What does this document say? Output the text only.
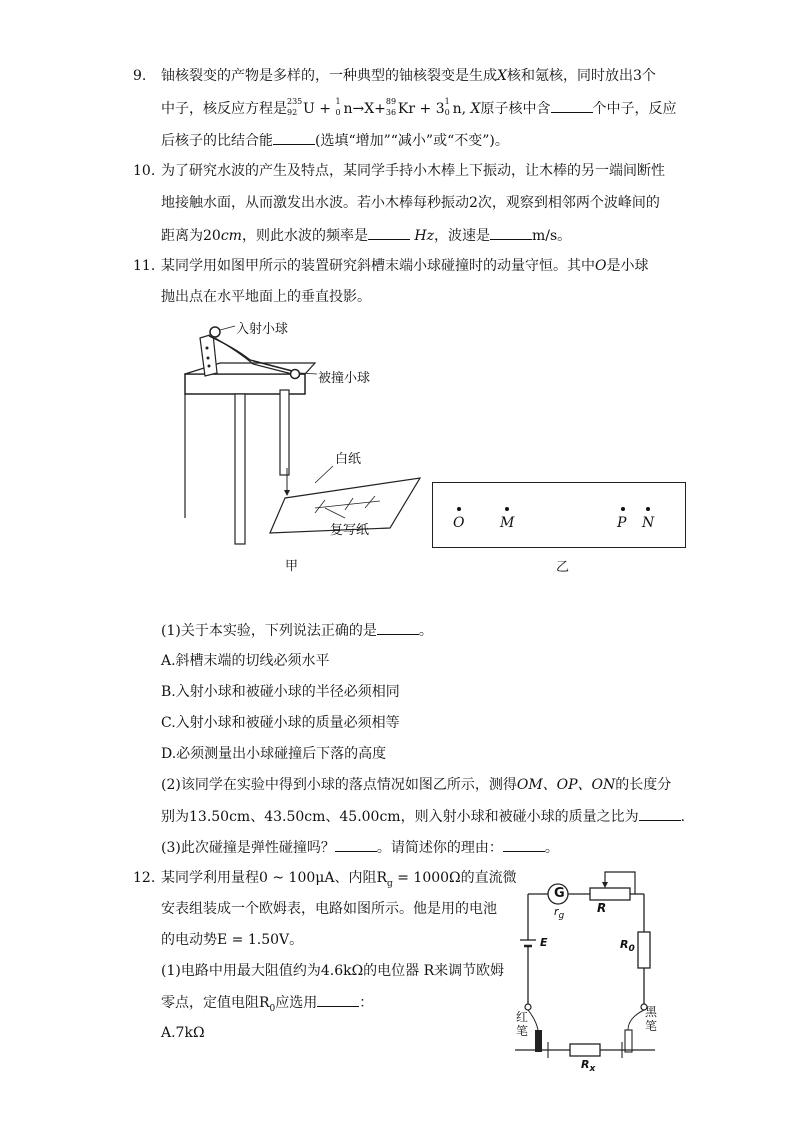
9. 铀核裂变的产物是多样的，一种典型的铀核裂变是生成X核和氪核，同时放出3个
中子，核反应方程是 235
92 U + 1
0 n→X+ 89
36 Kr + 3 1
0 n, X原子核中含	个中子，反应
后核子的比结合能	(选填“增加”“减小”或“不变”)。
10. 为了研究水波的产生及特点，某同学手持小木棒上下振动，让木棒的另一端间断性
地接触水面，从而激发出水波。若小木棒每秒振动2次，观察到相邻两个波峰间的
距离为20cm，则此水波的频率是	Hz，波速是	m/s。
11. 某同学用如图甲所示的装置研究斜槽末端小球碰撞时的动量守恒。其中O是小球
抛出点在水平地面上的垂直投影。
入射小球
被撞小球
白纸
复写纸
甲
O	M	P N
乙
(1)关于本实验，下列说法正确的是	。
A.斜槽末端的切线必须水平
B.入射小球和被碰小球的半径必须相同
C.入射小球和被碰小球的质量必须相等
D.必须测量出小球碰撞后下落的高度
(2)该同学在实验中得到小球的落点情况如图乙所示，测得OM、OP、ON的长度分
别为13.50cm、43.50cm、45.00cm，则入射小球和被碰小球的质量之比为	.
(3)此次碰撞是弹性碰撞吗？	。请简述你的理由：	。
12. 某同学利用量程0 ~ 100μA、内阻$R_g = 1000\Omega$的直流微
安表组装成一个欧姆表，电路如图所示。他是用的电池
的电动势E = 1.50V。
(1)电路中用最大阻值约为4.6kΩ的电位器 R来调节欧姆
零点，定值电阻$R_0$应选用	：
A.7kΩ
G
$r_g$
R
E	$R_0$
红笔
黑笔
$R_x$
